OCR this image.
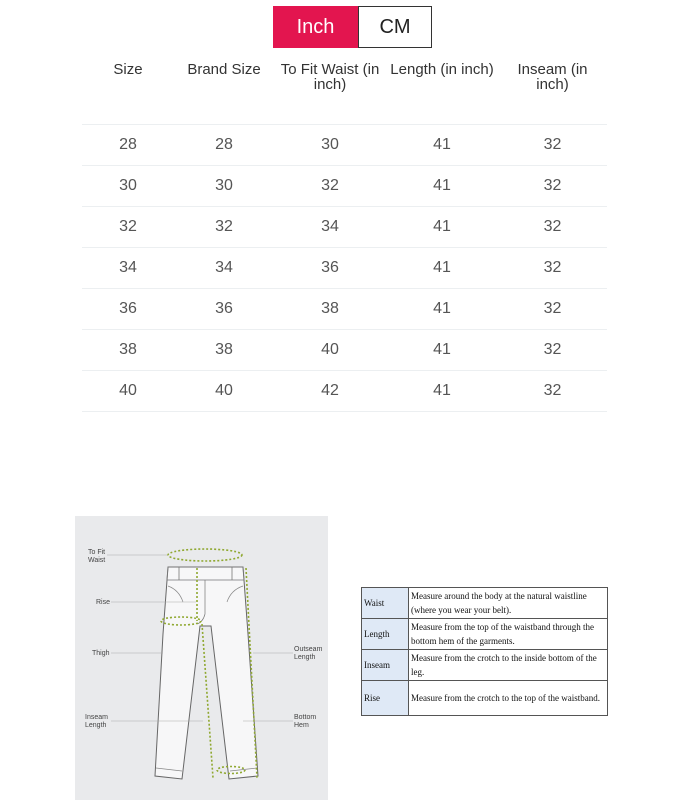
Inch	CM
Size	Brand Size	To Fit Waist (in inch)	Length (in inch)	Inseam (in inch)
28	28	30	41	32
30	30	32	41	32
32	32	34	41	32
34	34	36	41	32
36	36	38	41	32
38	38	40	41	32
40	40	42	41	32
To Fit Waist
Rise
Thigh
Inseam Length
Outseam Length
Bottom Hem
Waist	Measure around the body at the natural waistline (where you wear your belt).
Length	Measure from the top of the waistband through the bottom hem of the garments.
Inseam	Measure from the crotch to the inside bottom of the leg.
Rise	Measure from the crotch to the top of the waistband.
